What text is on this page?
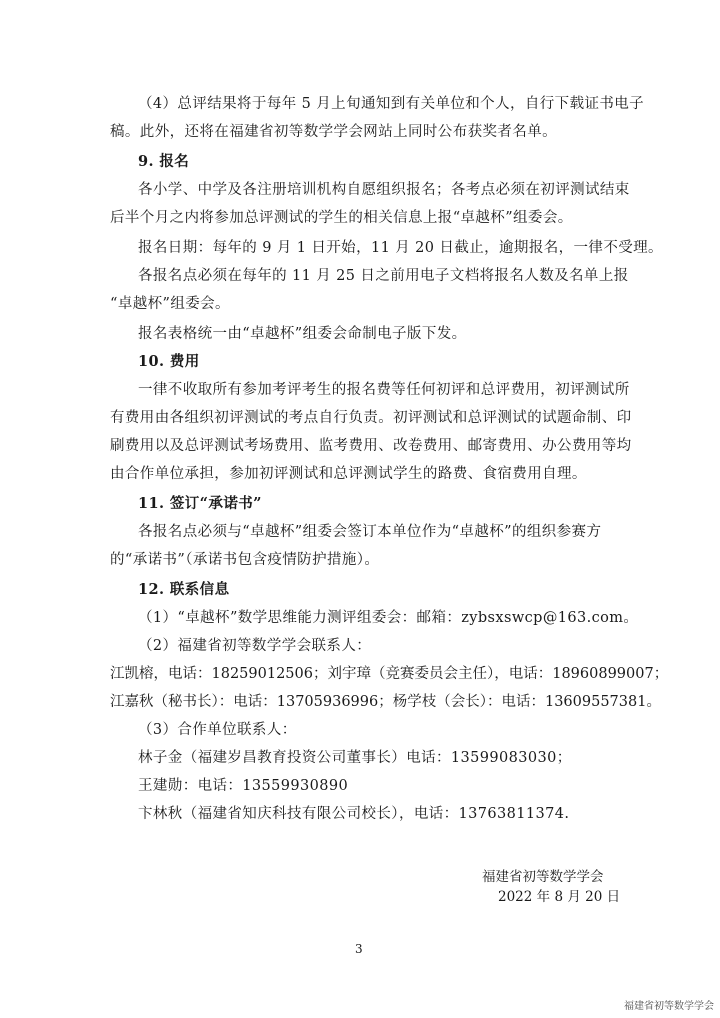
（4）总评结果将于每年 5 月上旬通知到有关单位和个人，自行下载证书电子
稿。此外，还将在福建省初等数学学会网站上同时公布获奖者名单。
9. 报名
各小学、中学及各注册培训机构自愿组织报名；各考点必须在初评测试结束
后半个月之内将参加总评测试的学生的相关信息上报“卓越杯”组委会。
报名日期：每年的 9 月 1 日开始，11 月 20 日截止，逾期报名，一律不受理。
各报名点必须在每年的 11 月 25 日之前用电子文档将报名人数及名单上报
“卓越杯”组委会。
报名表格统一由“卓越杯”组委会命制电子版下发。
10. 费用
一律不收取所有参加考评考生的报名费等任何初评和总评费用，初评测试所
有费用由各组织初评测试的考点自行负责。初评测试和总评测试的试题命制、印
刷费用以及总评测试考场费用、监考费用、改卷费用、邮寄费用、办公费用等均
由合作单位承担，参加初评测试和总评测试学生的路费、食宿费用自理。
11. 签订“承诺书”
各报名点必须与“卓越杯”组委会签订本单位作为“卓越杯”的组织参赛方
的“承诺书”（承诺书包含疫情防护措施）。
12. 联系信息
（1）“卓越杯”数学思维能力测评组委会：邮箱：zybsxswcp@163.com。
（2）福建省初等数学学会联系人：
江凯榕，电话：18259012506；刘宇璋（竞赛委员会主任），电话：18960899007；
江嘉秋（秘书长）：电话：13705936996；杨学枝（会长）：电话：13609557381。
（3）合作单位联系人：
林子金（福建岁昌教育投资公司董事长）电话：13599083030；
王建勋：电话：13559930890
卞林秋（福建省知庆科技有限公司校长），电话：13763811374.
福建省初等数学学会
2022 年 8 月 20 日
3
福建省初等数学学会
